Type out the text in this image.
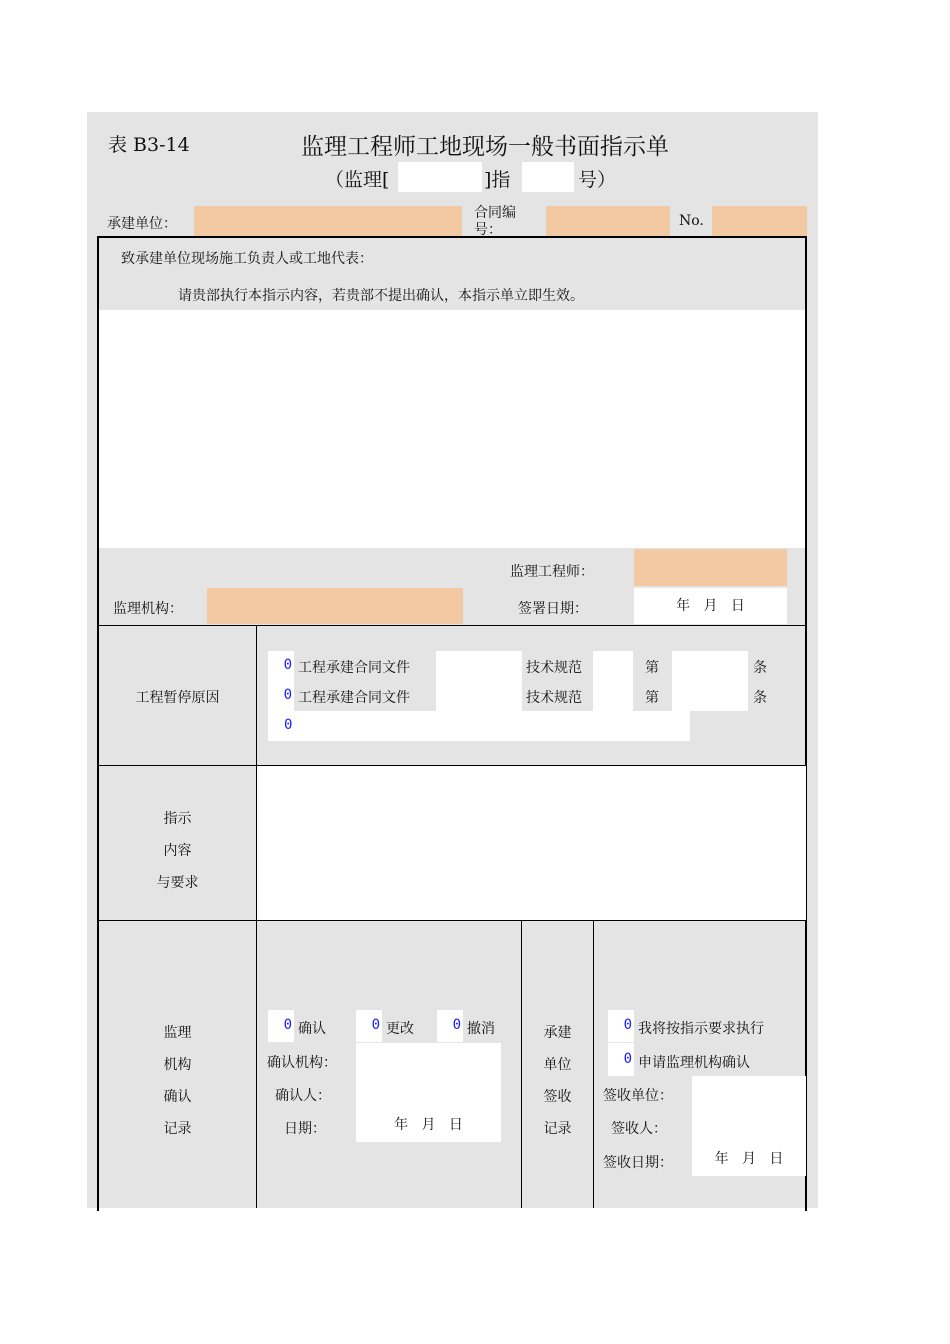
表 B3-14	监理工程师工地现场一般书面指示单
（监理[	]指	号）
承建单位：
合同编号：
No.
致承建单位现场施工负责人或工地代表：
请贵部执行本指示内容，若贵部不提出确认，本指示单立即生效。
监理工程师：
监理机构：	签署日期：	年   月   日
工程暂停原因
0 工程承建合同文件	技术规范	第	条
0 工程承建合同文件	技术规范	第	条
0
指示
内容
与要求
监理
机构
确认
记录
0 确认	0 更改	0 撤消
确认机构：
确认人：
日期：	年   月   日
承建
单位
签收
记录
0 我将按指示要求执行
0 申请监理机构确认
签收单位：
签收人：
签收日期：	年   月   日
